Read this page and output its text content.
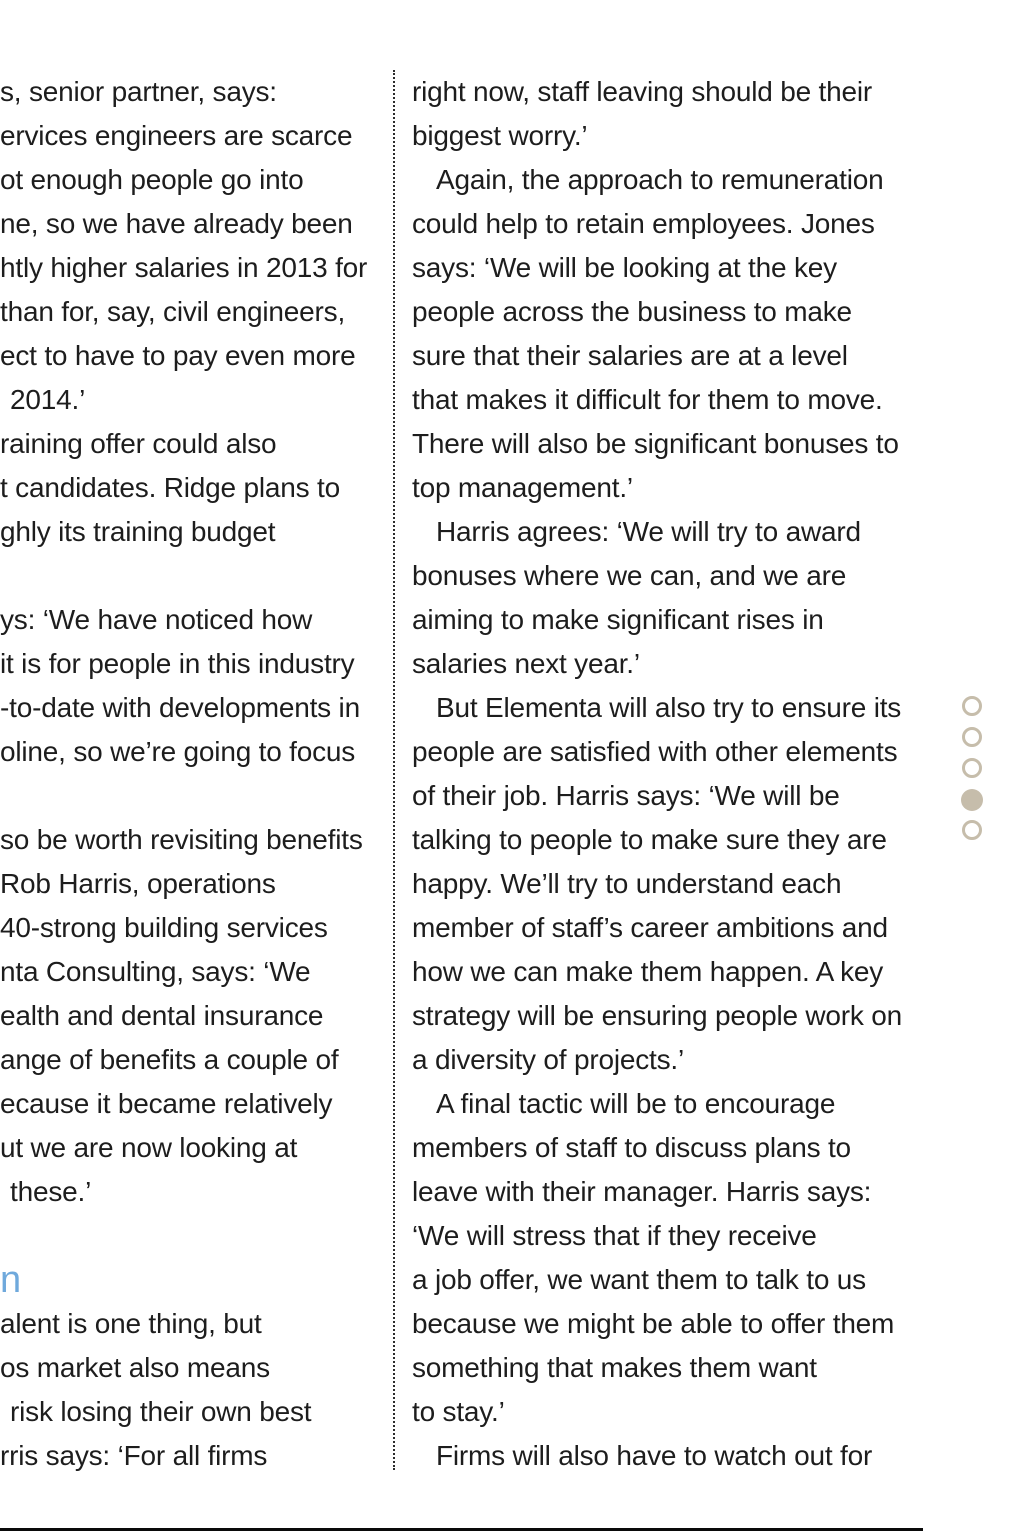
s, senior partner, says:
ervices engineers are scarce
ot enough people go into
ne, so we have already been
htly higher salaries in 2013 for
than for, say, civil engineers,
ect to have to pay even more
2014.’
raining offer could also
t candidates. Ridge plans to
ghly its training budget
ys: ‘We have noticed how
it is for people in this industry
-to-date with developments in
oline, so we’re going to focus
so be worth revisiting benefits
Rob Harris, operations
40-strong building services
nta Consulting, says: ‘We
ealth and dental insurance
ange of benefits a couple of
ecause it became relatively
ut we are now looking at
these.’
n
alent is one thing, but
os market also means
risk losing their own best
rris says: ‘For all firms
right now, staff leaving should be their
biggest worry.’
Again, the approach to remuneration
could help to retain employees. Jones
says: ‘We will be looking at the key
people across the business to make
sure that their salaries are at a level
that makes it difficult for them to move.
There will also be significant bonuses to
top management.’
Harris agrees: ‘We will try to award
bonuses where we can, and we are
aiming to make significant rises in
salaries next year.’
But Elementa will also try to ensure its
people are satisfied with other elements
of their job. Harris says: ‘We will be
talking to people to make sure they are
happy. We’ll try to understand each
member of staff’s career ambitions and
how we can make them happen. A key
strategy will be ensuring people work on
a diversity of projects.’
A final tactic will be to encourage
members of staff to discuss plans to
leave with their manager. Harris says:
‘We will stress that if they receive
a job offer, we want them to talk to us
because we might be able to offer them
something that makes them want
to stay.’
Firms will also have to watch out for
